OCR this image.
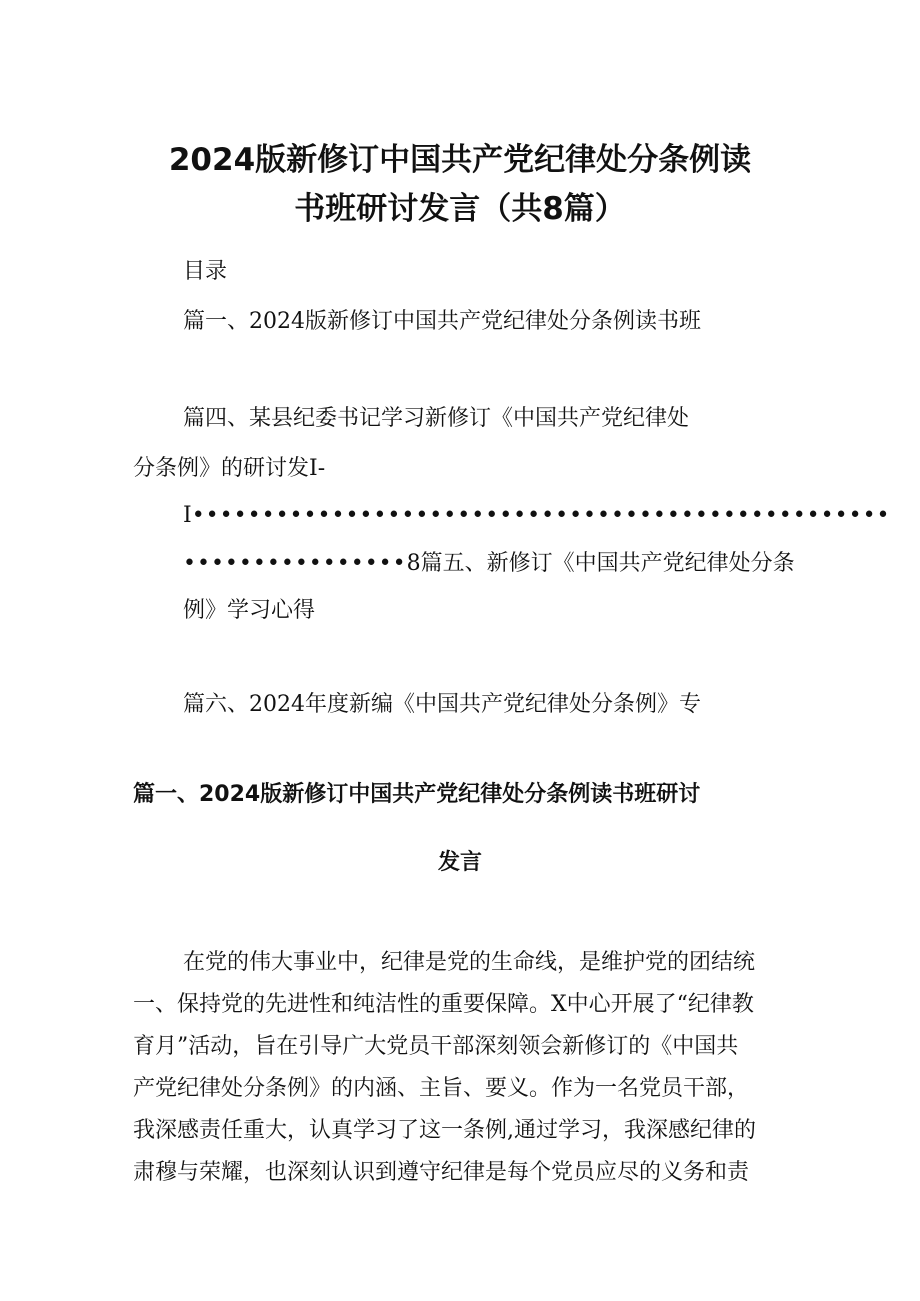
2024版新修订中国共产党纪律处分条例读
书班研讨发言（共8篇）
目录
篇一、2024版新修订中国共产党纪律处分条例读书班
篇四、某县纪委书记学习新修订《中国共产党纪律处
分条例》的研讨发I-
I••••••••••••••••••••••••••••••••••••••••••••••••••
••••••••••••••••8篇五、新修订《中国共产党纪律处分条
例》学习心得
篇六、2024年度新编《中国共产党纪律处分条例》专
篇一、2024版新修订中国共产党纪律处分条例读书班研讨
发言
在党的伟大事业中，纪律是党的生命线，是维护党的团结统
一、保持党的先进性和纯洁性的重要保障。X中心开展了“纪律教
育月”活动，旨在引导广大党员干部深刻领会新修订的《中国共
产党纪律处分条例》的内涵、主旨、要义。作为一名党员干部，
我深感责任重大，认真学习了这一条例,通过学习，我深感纪律的
肃穆与荣耀，也深刻认识到遵守纪律是每个党员应尽的义务和责
